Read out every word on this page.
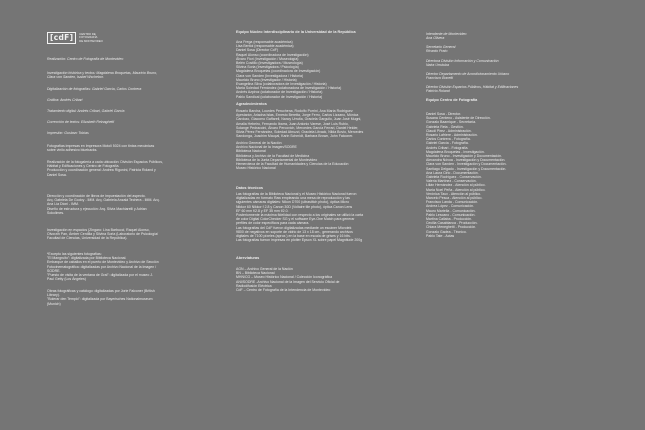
[cdF]	CENTRO DE
FOTOGRAFÍA
DE MONTEVIDEO
Realización: Centro de Fotografía de Montevideo
Investigación histórica y textos: Magdalena Broquetas, Mauricio Bruno,
Clara von Sanden, Isabel Wschebor.
Digitalización de fotografías: Gabriel García, Carlos Contrera
Gráfica: Andrés Cribari
Tratamiento digital: Andrés Cribari, Gabriel García
Corrección de textos: Elizabeth Reinaghetti
Impresión: Gustavo Tobías
Fotografías impresas en Impresora Motoli 5024 con tintas mecánicas
sobre vinilo adhesivo bluebacks.
Realización de la fotogalería a cada ubicación: División Espacios Públicos,
Hábitat y Edificaciones y Centro de Fotografía.
Producción y coordinación general: Andrea Rigonini, Patricia Roland y
Daniel Sosa.
Dirección y coordinación de libros de impuestación del aspecto.
Arq. Gabriela De Godoy - IMM. Arq. Gabriela Anzalá Techera - IMM. Arq.
Ana Lía Dioni - IMM.
Diseño de estructura y ejecución: Arq. Silvia Machiarelli y Adrian
Sokolimes.
Investigación en espacios (Zingaro: Lina Barbucci, Raquel Alonso,
Olvorzih Pan, Ámber Cerdilla y Silvina Soria (Laboratorio de Psicología/
Facultad de Ciencias, Universidad de la República).
*Excepto las siguientes fotografías:
"El Mangruito": digitalizada por Biblioteca Nacional.
Embarque de caballos en el puerto de Montevideo y Archivo de Sección
Fotocinematográfica: digitalizadas por Archivo Nacional de la Imagen /
SODRE.
"Puesto de visita de la ventana de Gral": digitalizada por el museo J.
Paul Getty (Los Ángeles)
Obras fotográficas y catálogo: digitalizadas por Jorie Falconer (British
Library).
"Bolerar den Templo": digitalizada por Bayerisches Nationalmuseum
(Munich)
Equipo Núcleo Interdisciplinario de la Universidad de la República
Ana Frega (responsable académica)
Lisa Bertiol (responsable académica)
Daniel Sosa (Director CdF)
Raquel Alonso (coordinadora de Investigación)
Álvaro Fiori (Investigación / Museología)
Belén Costillo (Investigadora / Museología)
Silvina Soria (Investigadora / Psicología)
Magdalena Broquetas (coordinadora de Investigación)
Clara von Sanden (Investigadora / Historia)
Mauricio Bruno (Investigador / Historia)
Evangelina Silva (colaboradora de Investigación / Historia)
María Soledad Fernández (colaboradora de Investigación / Historia)
Andrés Azpiroz (colaborador de Investigación / Historia)
Pablo Sandical (colaborador de Investigación / Historia)
Agradecimientos
Rosario Barcha, Lourdes Peruchena, Rodolfo Porrini, Ana María Rodríguez
Ayestarán, Ariadna Islas, Ernesto Beretta, Jorge Ferro, Carlos Lizzano, Mónica
Cardozo, Giacomo Gaffarell, Nancy Urrutia, Graciela Garguilo, Juan José Mugni,
Amalia Hebeiro, Fernando Ibarra, Juan Antonio Varese, José Luis Rubio,
Solange Pedraccini, Álvaro Percovich, Mercedes García Ferrari, Daniel Heider,
Silvia Pérez Fernández, Soledad Abruzzi, Graciela Litvack, Nilda Bovio, Mercedes
Sandonga, Joachim Mauçal, Karin Schmidt, Barbara Brown, John Falconer.
Archivo General de la Nación
Archivo Nacional de la Imagen/SODRE
Biblioteca Nacional
Biblioteca y Archivo de la Facultad de Medicina
Biblioteca de la Junta Departamental de Montevideo
Hemeroteca de la Facultad de Humanidades y Ciencias de la Educación
Museo Histórico Nacional
Datos técnicos
Las fotografías de la Biblioteca Nacional y el Museo Histórico Nacional fueron
digitalizadas en formato Raw empleando una mesa de reproducción y las
siguientes cámaras digitales: Nikon D700 (ultrastitch photo), óptica Micro
Nikkor 60 Nikkor f 2.8 y Canon 30D (Voltaire tile photo), óptica Canon Lens
EF 60 mm f/2.8 y EF 35 mm f/2.0.
Posteriormente la máxima fidelidad con respecto a los originales se utilizó la carta
de color Digital ColorChecker SG y el software Eye-One Match para generar
perfiles de color específicos para cada cámara.
Las fotografías del CdF fueron digitalizadas mediante un escáner Microtek
9800 de negativos en soporte de vidrio de 13 x 18 cm., generando archivos
digitales de 7100 píxeles (aprox.) en la base en escala de grises y 16 bits.
Las fotografías fueron impresas en plotter Epson XL sobre papel Magnitude 200g
Abreviaturas
AGN – Archivo General de la Nación
BN – Biblioteca Nacional
MHN/CG – Museo Histórico Nacional / Colección Iconográfica
ANI/SODRE -Archivo Nacional de la Imagen del Servicio Oficial de
Radiodifusión Eléctrica
CdF – Centro de Fotografía de la Intendencia de Montevideo
Intendente de Montevideo
Ana Olivera
Secretario General
Ricardo Prato
Directora División Información y Comunicación
Naira Urrutuba
Director Departamento de Acondicionamiento Urbano
Francisco Bonetti
Director División Espacios Públicos, Hábitat y Edificaciones
Patricio Roland
Equipo Centro de Fotografía
Daniel Sosa - Director.
Susana Centeno - Asistente de Dirección.
Gonzalo Baamique - Secretaría.
Gabriela Reta - Gestión.
Claudi Pirez - Administración.
Rosario Lafriere - Administración.
Carlos Contrera - Fotografía.
Gabriel García - Fotografía.
Andrés Cribari - Fotografía.
Magdalena Broquetas - Investigación.
Mauricio Bruno - Investigación y Documentación.
Alexandra Nóvoa - Investigación y Documentación.
Clara von Sanden - Investigación y Documentación.
Santiago Delgado - Investigación y Documentación.
Ana Laura Cirio - Documentación.
Gabriela Rodríguez - Conservación.
Valeria Martínez - Conservación.
Lilián Hernández - Atención al público.
María Noel Peña - Atención al público.
Verónica Taux - Atención al público.
Marcelo Pesca - Atención al público.
Francisco Landa - Comunicación.
Andrea López - Comunicación.
Mauro Martella - Comunicación.
Pablo Lescano - Comunicación.
Martina Callaba - Producción.
Cecilia Casablanca - Producción.
Chiara Meneghetti - Producción.
Gonzalo Gadea - Técnico.
Pablo Tate - Actas
